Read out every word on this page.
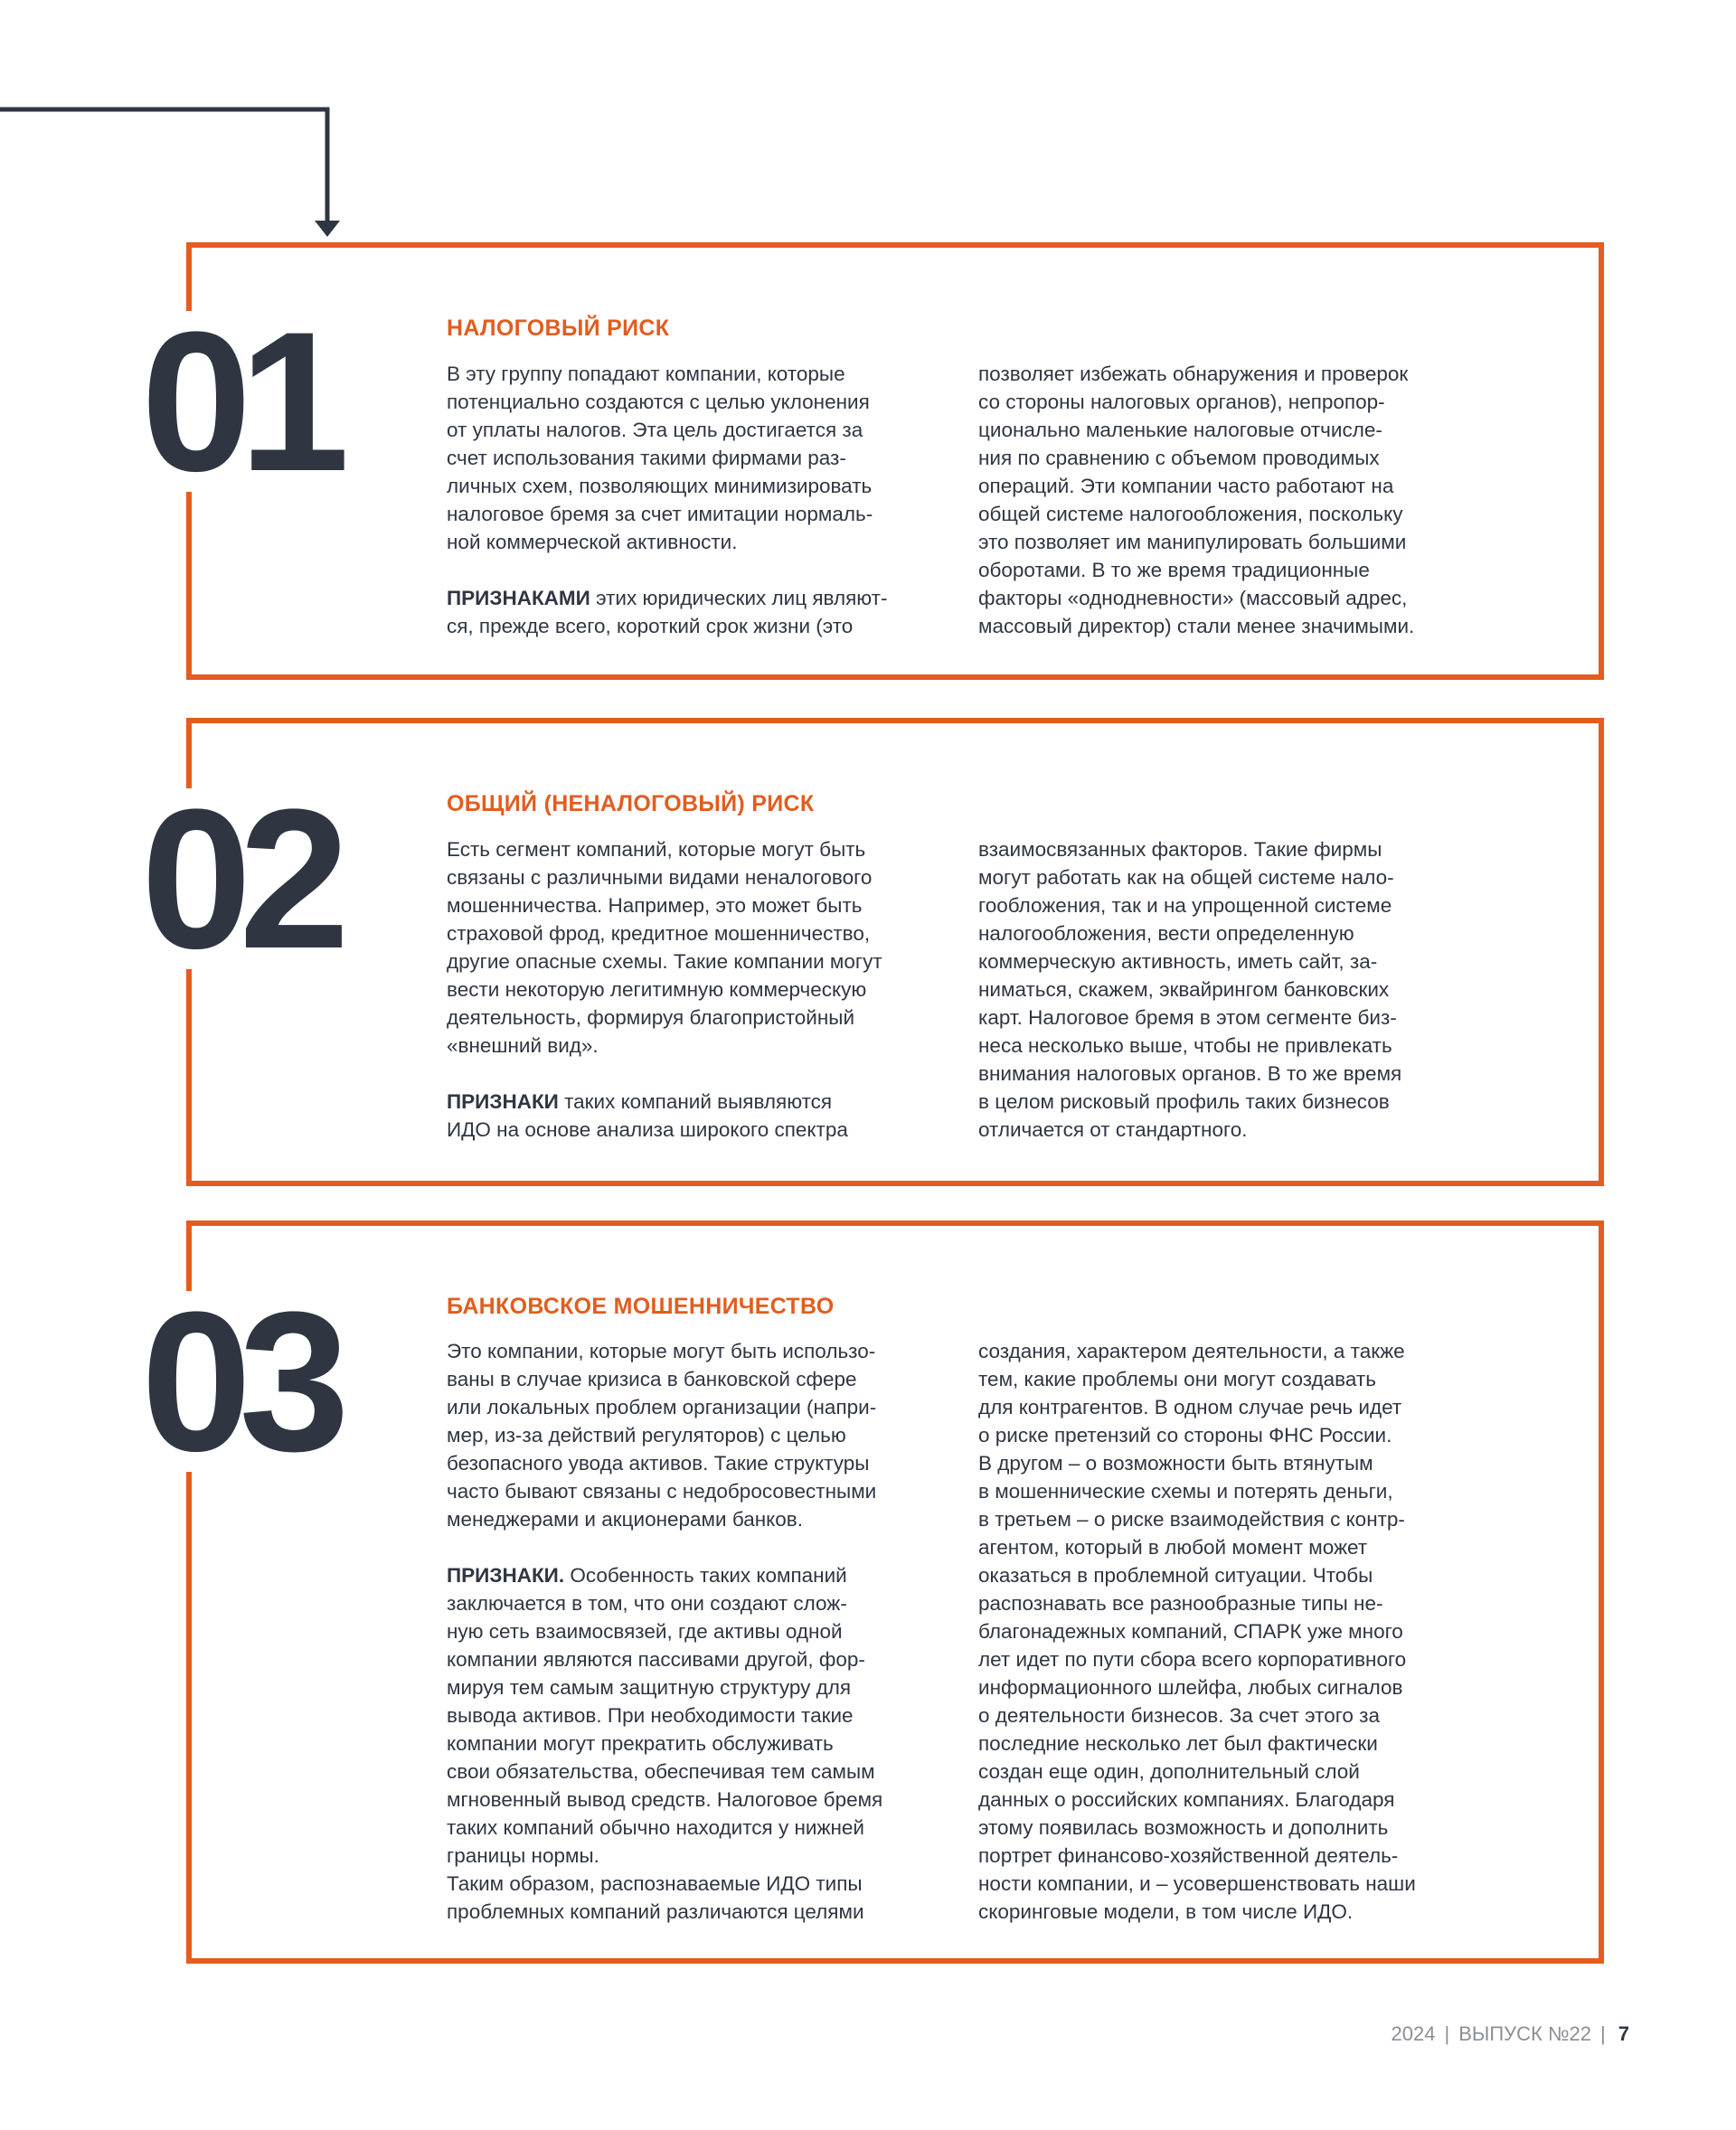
01	НАЛОГОВЫЙ РИСК

В эту группу попадают компании, которые
потенциально создаются с целью уклонения
от уплаты налогов. Эта цель достигается за
счет использования такими фирмами раз-
личных схем, позволяющих минимизировать
налоговое бремя за счет имитации нормаль-
ной коммерческой активности.

ПРИЗНАКАМИ этих юридических лиц являют-
ся, прежде всего, короткий срок жизни (это

позволяет избежать обнаружения и проверок
со стороны налоговых органов), непропор-
ционально маленькие налоговые отчисле-
ния по сравнению с объемом проводимых
операций. Эти компании часто работают на
общей системе налогообложения, поскольку
это позволяет им манипулировать большими
оборотами. В то же время традиционные
факторы «однодневности» (массовый адрес,
массовый директор) стали менее значимыми.

02	ОБЩИЙ (НЕНАЛОГОВЫЙ) РИСК

Есть сегмент компаний, которые могут быть
связаны с различными видами неналогового
мошенничества. Например, это может быть
страховой фрод, кредитное мошенничество,
другие опасные схемы. Такие компании могут
вести некоторую легитимную коммерческую
деятельность, формируя благопристойный
«внешний вид».

ПРИЗНАКИ таких компаний выявляются
ИДО на основе анализа широкого спектра

взаимосвязанных факторов. Такие фирмы
могут работать как на общей системе нало-
гообложения, так и на упрощенной системе
налогообложения, вести определенную
коммерческую активность, иметь сайт, за-
ниматься, скажем, эквайрингом банковских
карт. Налоговое бремя в этом сегменте биз-
неса несколько выше, чтобы не привлекать
внимания налоговых органов. В то же время
в целом рисковый профиль таких бизнесов
отличается от стандартного.

03	БАНКОВСКОЕ МОШЕННИЧЕСТВО

Это компании, которые могут быть использо-
ваны в случае кризиса в банковской сфере
или локальных проблем организации (напри-
мер, из-за действий регуляторов) с целью
безопасного увода активов. Такие структуры
часто бывают связаны с недобросовестными
менеджерами и акционерами банков.

ПРИЗНАКИ. Особенность таких компаний
заключается в том, что они создают слож-
ную сеть взаимосвязей, где активы одной
компании являются пассивами другой, фор-
мируя тем самым защитную структуру для
вывода активов. При необходимости такие
компании могут прекратить обслуживать
свои обязательства, обеспечивая тем самым
мгновенный вывод средств. Налоговое бремя
таких компаний обычно находится у нижней
границы нормы.

Таким образом, распознаваемые ИДО типы
проблемных компаний различаются целями

создания, характером деятельности, а также
тем, какие проблемы они могут создавать
для контрагентов. В одном случае речь идет
о риске претензий со стороны ФНС России.
В другом – о возможности быть втянутым
в мошеннические схемы и потерять деньги,
в третьем – о риске взаимодействия с контр-
агентом, который в любой момент может
оказаться в проблемной ситуации. Чтобы
распознавать все разнообразные типы не-
благонадежных компаний, СПАРК уже много
лет идет по пути сбора всего корпоративного
информационного шлейфа, любых сигналов
о деятельности бизнесов. За счет этого за
последние несколько лет был фактически
создан еще один, дополнительный слой
данных о российских компаниях. Благодаря
этому появилась возможность и дополнить
портрет финансово-хозяйственной деятель-
ности компании, и – усовершенствовать наши
скоринговые модели, в том числе ИДО.

2024 | ВЫПУСК №22 | 7
